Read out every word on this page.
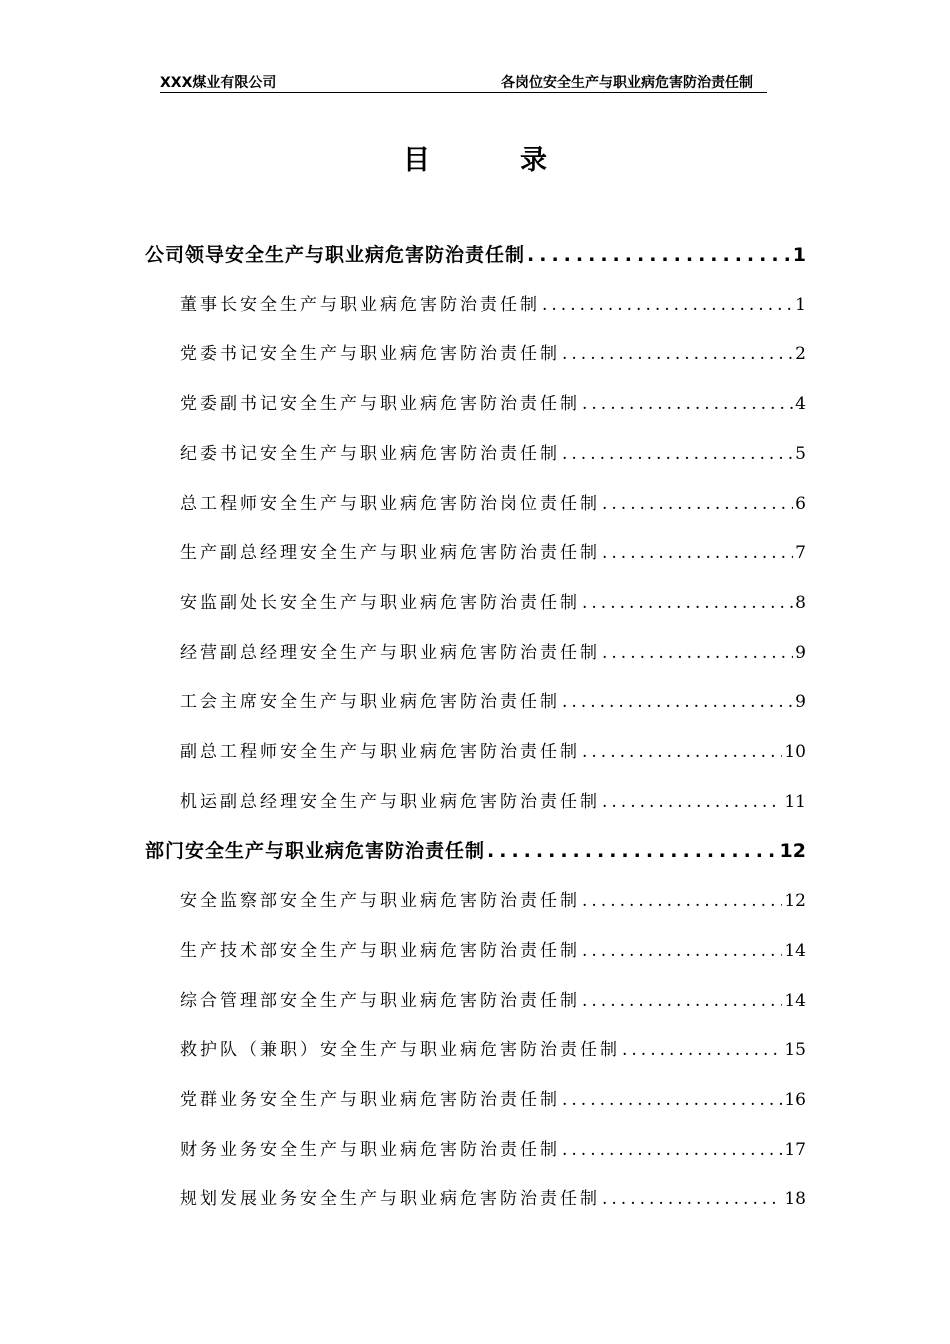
XXX煤业有限公司	各岗位安全生产与职业病危害防治责任制
目录
公司领导安全生产与职业病危害防治责任制 .....	1
董事长安全生产与职业病危害防治责任制 .....	1
党委书记安全生产与职业病危害防治责任制 .....	2
党委副书记安全生产与职业病危害防治责任制 .....	4
纪委书记安全生产与职业病危害防治责任制 .....	5
总工程师安全生产与职业病危害防治岗位责任制 .....	6
生产副总经理安全生产与职业病危害防治责任制 .....	7
安监副处长安全生产与职业病危害防治责任制 .....	8
经营副总经理安全生产与职业病危害防治责任制 .....	9
工会主席安全生产与职业病危害防治责任制 .....	9
副总工程师安全生产与职业病危害防治责任制 .....	10
机运副总经理安全生产与职业病危害防治责任制 .....	11
部门安全生产与职业病危害防治责任制 .....	12
安全监察部安全生产与职业病危害防治责任制 .....	12
生产技术部安全生产与职业病危害防治责任制 .....	14
综合管理部安全生产与职业病危害防治责任制 .....	14
救护队（兼职）安全生产与职业病危害防治责任制 .....	15
党群业务安全生产与职业病危害防治责任制 .....	16
财务业务安全生产与职业病危害防治责任制 .....	17
规划发展业务安全生产与职业病危害防治责任制 .....	18
